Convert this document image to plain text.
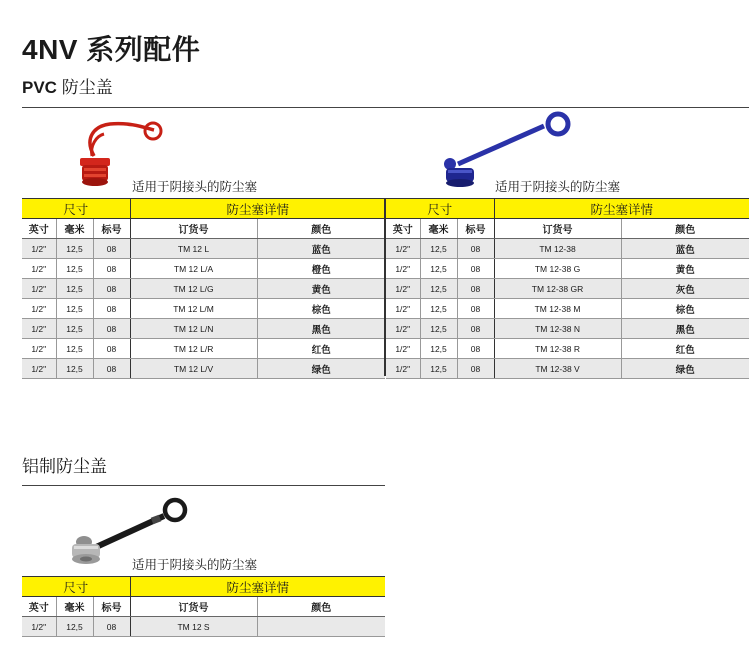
4NV 系列配件
PVC 防尘盖
适用于阴接头的防尘塞	适用于阴接头的防尘塞
尺寸			防尘塞详情	
英寸	毫米	标号	订货号	颜色
1/2"	12,5	08	TM 12 L	蓝色
1/2"	12,5	08	TM 12 L/A	橙色
1/2"	12,5	08	TM 12 L/G	黄色
1/2"	12,5	08	TM 12 L/M	棕色
1/2"	12,5	08	TM 12 L/N	黑色
1/2"	12,5	08	TM 12 L/R	红色
1/2"	12,5	08	TM 12 L/V	绿色
尺寸			防尘塞详情	
英寸	毫米	标号	订货号	颜色
1/2"	12,5	08	TM 12-38	蓝色
1/2"	12,5	08	TM 12-38 G	黄色
1/2"	12,5	08	TM 12-38 GR	灰色
1/2"	12,5	08	TM 12-38 M	棕色
1/2"	12,5	08	TM 12-38 N	黑色
1/2"	12,5	08	TM 12-38 R	红色
1/2"	12,5	08	TM 12-38 V	绿色
铝制防尘盖
适用于阴接头的防尘塞
尺寸			防尘塞详情	
英寸	毫米	标号	订货号	颜色
1/2"	12,5	08	TM 12 S	
